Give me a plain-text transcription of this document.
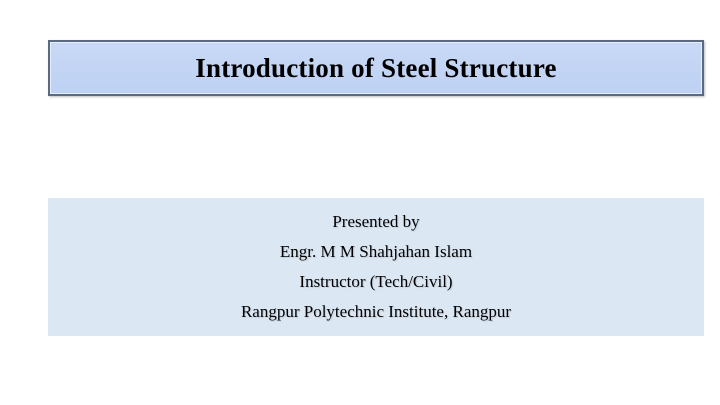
Introduction of Steel Structure
Presented by
Engr. M M Shahjahan Islam
Instructor (Tech/Civil)
Rangpur Polytechnic Institute, Rangpur
